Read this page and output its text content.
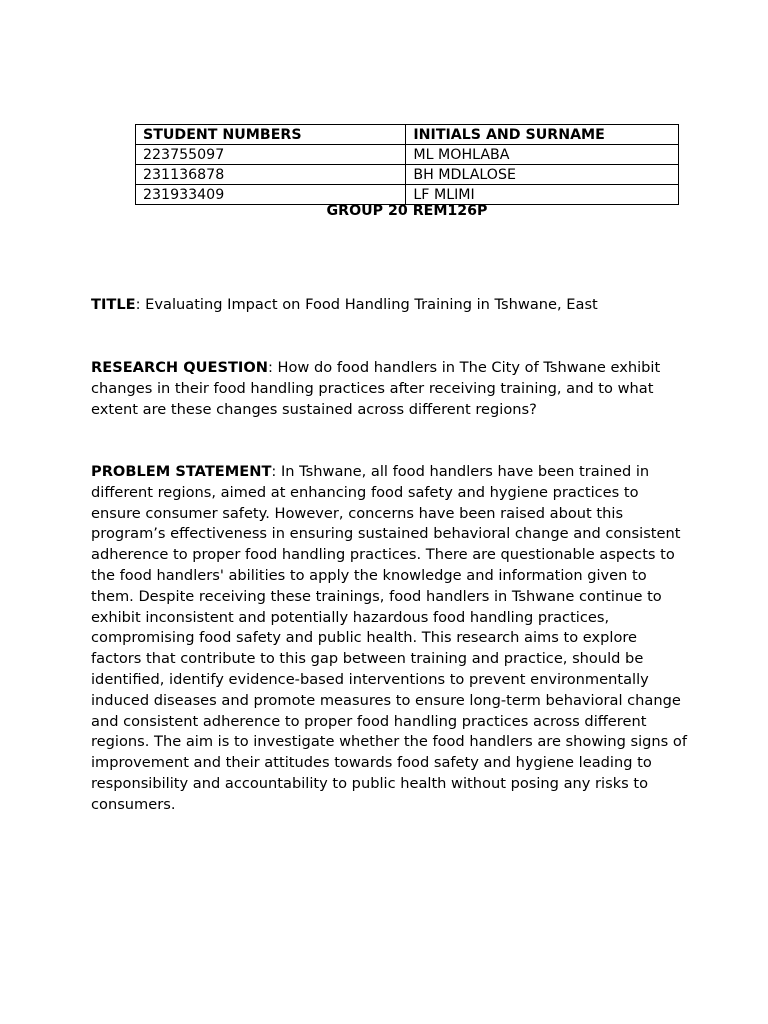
STUDENT NUMBERS	INITIALS AND SURNAME
223755097	ML MOHLABA
231136878	BH MDLALOSE
231933409	LF MLIMI
GROUP 20 REM126P

TITLE: Evaluating Impact on Food Handling Training in Tshwane, East

RESEARCH QUESTION: How do food handlers in The City of Tshwane exhibit changes in their food handling practices after receiving training, and to what extent are these changes sustained across different regions?

PROBLEM STATEMENT: In Tshwane, all food handlers have been trained in different regions, aimed at enhancing food safety and hygiene practices to ensure consumer safety. However, concerns have been raised about this program’s effectiveness in ensuring sustained behavioral change and consistent adherence to proper food handling practices. There are questionable aspects to the food handlers' abilities to apply the knowledge and information given to them. Despite receiving these trainings, food handlers in Tshwane continue to exhibit inconsistent and potentially hazardous food handling practices, compromising food safety and public health. This research aims to explore factors that contribute to this gap between training and practice, should be identified, identify evidence-based interventions to prevent environmentally induced diseases and promote measures to ensure long-term behavioral change and consistent adherence to proper food handling practices across different regions. The aim is to investigate whether the food handlers are showing signs of improvement and their attitudes towards food safety and hygiene leading to responsibility and accountability to public health without posing any risks to consumers.
